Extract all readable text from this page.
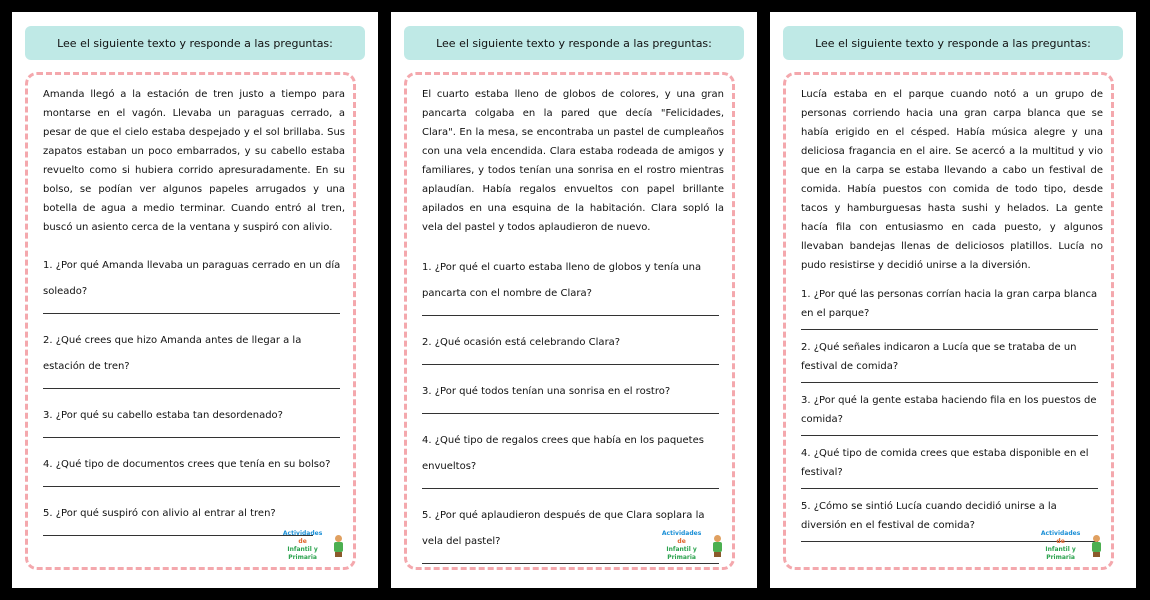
Lee el siguiente texto y responde a las preguntas:

Amanda llegó a la estación de tren justo a tiempo para montarse en el vagón. Llevaba un paraguas cerrado, a pesar de que el cielo estaba despejado y el sol brillaba. Sus zapatos estaban un poco embarrados, y su cabello estaba revuelto como si hubiera corrido apresuradamente. En su bolso, se podían ver algunos papeles arrugados y una botella de agua a medio terminar. Cuando entró al tren, buscó un asiento cerca de la ventana y suspiró con alivio.

1. ¿Por qué Amanda llevaba un paraguas cerrado en un día soleado?

2. ¿Qué crees que hizo Amanda antes de llegar a la estación de tren?

3. ¿Por qué su cabello estaba tan desordenado?

4. ¿Qué tipo de documentos crees que tenía en su bolso?

5. ¿Por qué suspiró con alivio al entrar al tren?

Actividades
de
Infantil y Primaria
Lee el siguiente texto y responde a las preguntas:

El cuarto estaba lleno de globos de colores, y una gran pancarta colgaba en la pared que decía "Felicidades, Clara". En la mesa, se encontraba un pastel de cumpleaños con una vela encendida. Clara estaba rodeada de amigos y familiares, y todos tenían una sonrisa en el rostro mientras aplaudían. Había regalos envueltos con papel brillante apilados en una esquina de la habitación. Clara sopló la vela del pastel y todos aplaudieron de nuevo.

1. ¿Por qué el cuarto estaba lleno de globos y tenía una pancarta con el nombre de Clara?

2. ¿Qué ocasión está celebrando Clara?

3. ¿Por qué todos tenían una sonrisa en el rostro?

4. ¿Qué tipo de regalos crees que había en los paquetes envueltos?

5. ¿Por qué aplaudieron después de que Clara soplara la vela del pastel?

Actividades
de
Infantil y Primaria
Lee el siguiente texto y responde a las preguntas:

Lucía estaba en el parque cuando notó a un grupo de personas corriendo hacia una gran carpa blanca que se había erigido en el césped. Había música alegre y una deliciosa fragancia en el aire. Se acercó a la multitud y vio que en la carpa se estaba llevando a cabo un festival de comida. Había puestos con comida de todo tipo, desde tacos y hamburguesas hasta sushi y helados. La gente hacía fila con entusiasmo en cada puesto, y algunos llevaban bandejas llenas de deliciosos platillos. Lucía no pudo resistirse y decidió unirse a la diversión.

1. ¿Por qué las personas corrían hacia la gran carpa blanca en el parque?

2. ¿Qué señales indicaron a Lucía que se trataba de un festival de comida?

3. ¿Por qué la gente estaba haciendo fila en los puestos de comida?

4. ¿Qué tipo de comida crees que estaba disponible en el festival?

5. ¿Cómo se sintió Lucía cuando decidió unirse a la diversión en el festival de comida?

Actividades
de
Infantil y Primaria
